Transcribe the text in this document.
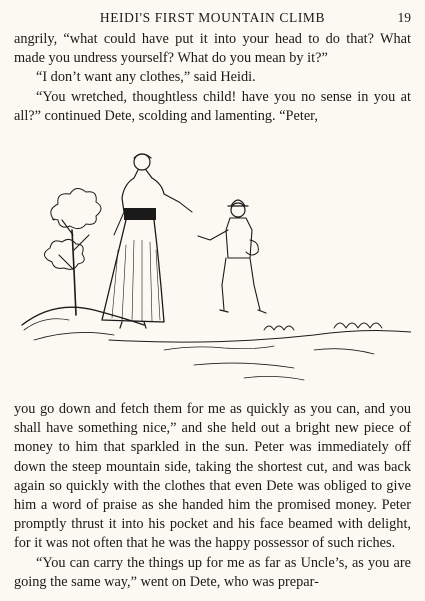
HEIDI'S FIRST MOUNTAIN CLIMB	19

angrily, “what could have put it into your head to do that? What made you undress yourself? What do you mean by it?”

“I don’t want any clothes,” said Heidi.

“You wretched, thoughtless child! have you no sense in you at all?” continued Dete, scolding and lamenting. “Peter,

you go down and fetch them for me as quickly as you can, and you shall have something nice,” and she held out a bright new piece of money to him that sparkled in the sun. Peter was immediately off down the steep mountain side, taking the shortest cut, and was back again so quickly with the clothes that even Dete was obliged to give him a word of praise as she handed him the promised money. Peter promptly thrust it into his pocket and his face beamed with delight, for it was not often that he was the happy possessor of such riches.

“You can carry the things up for me as far as Uncle’s, as you are going the same way,” went on Dete, who was prepar-
